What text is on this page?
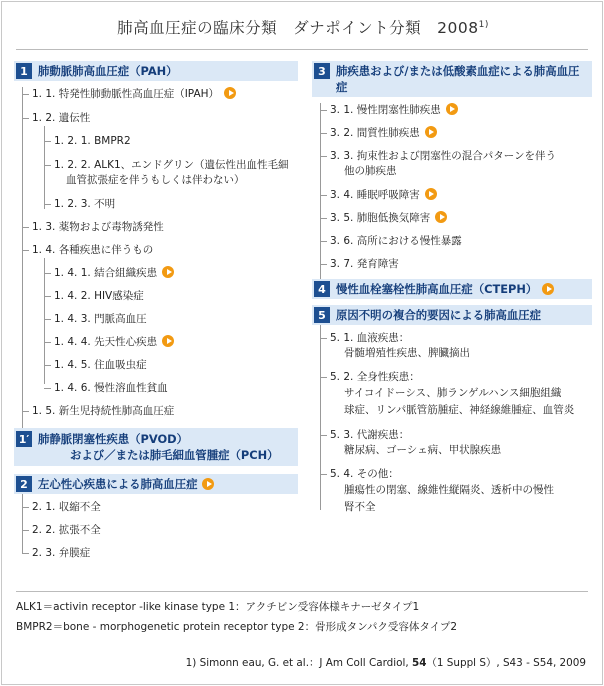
肺高血圧症の臨床分類　ダナポイント分類　2008$^{1)}$
1 肺動脈肺高血圧症（PAH）
1. 1. 特発性肺動脈性高血圧症（IPAH）
1. 2. 遺伝性
1. 2. 1. BMPR2
1. 2. 2. ALK1、エンドグリン（遺伝性出血性毛細
血管拡張症を伴うもしくは伴わない）
1. 2. 3. 不明
1. 3. 薬物および毒物誘発性
1. 4. 各種疾患に伴うもの
1. 4. 1. 結合組織疾患
1. 4. 2. HIV感染症
1. 4. 3. 門脈高血圧
1. 4. 4. 先天性心疾患
1. 4. 5. 住血吸虫症
1. 4. 6. 慢性溶血性貧血
1. 5. 新生児持続性肺高血圧症
1′ 肺静脈閉塞性疾患（PVOD）
および／または肺毛細血管腫症（PCH）
2 左心性心疾患による肺高血圧症
2. 1. 収縮不全
2. 2. 拡張不全
2. 3. 弁膜症
3 肺疾患および/または低酸素血症による肺高血圧症
3. 1. 慢性閉塞性肺疾患
3. 2. 間質性肺疾患
3. 3. 拘束性および閉塞性の混合パターンを伴う
他の肺疾患
3. 4. 睡眠呼吸障害
3. 5. 肺胞低換気障害
3. 6. 高所における慢性暴露
3. 7. 発育障害
4 慢性血栓塞栓性肺高血圧症（CTEPH）
5 原因不明の複合的要因による肺高血圧症
5. 1. 血液疾患：
骨髄増殖性疾患、脾臓摘出
5. 2. 全身性疾患：
サイコイドーシス、肺ランゲルハンス細胞組織
球症、リンパ脈管筋腫症、神経線維腫症、血管炎
5. 3. 代謝疾患：
糖尿病、ゴーシェ病、甲状腺疾患
5. 4. その他：
腫瘍性の閉塞、線維性縦隔炎、透析中の慢性
腎不全
ALK1＝activin receptor -like kinase type 1：アクチビン受容体様キナーゼタイプ1
BMPR2＝bone - morphogenetic protein receptor type 2：骨形成タンパク受容体タイプ2
1) Simonn eau, G. et al.：J Am Coll Cardiol, 54（1 Suppl S）, S43 - S54, 2009
